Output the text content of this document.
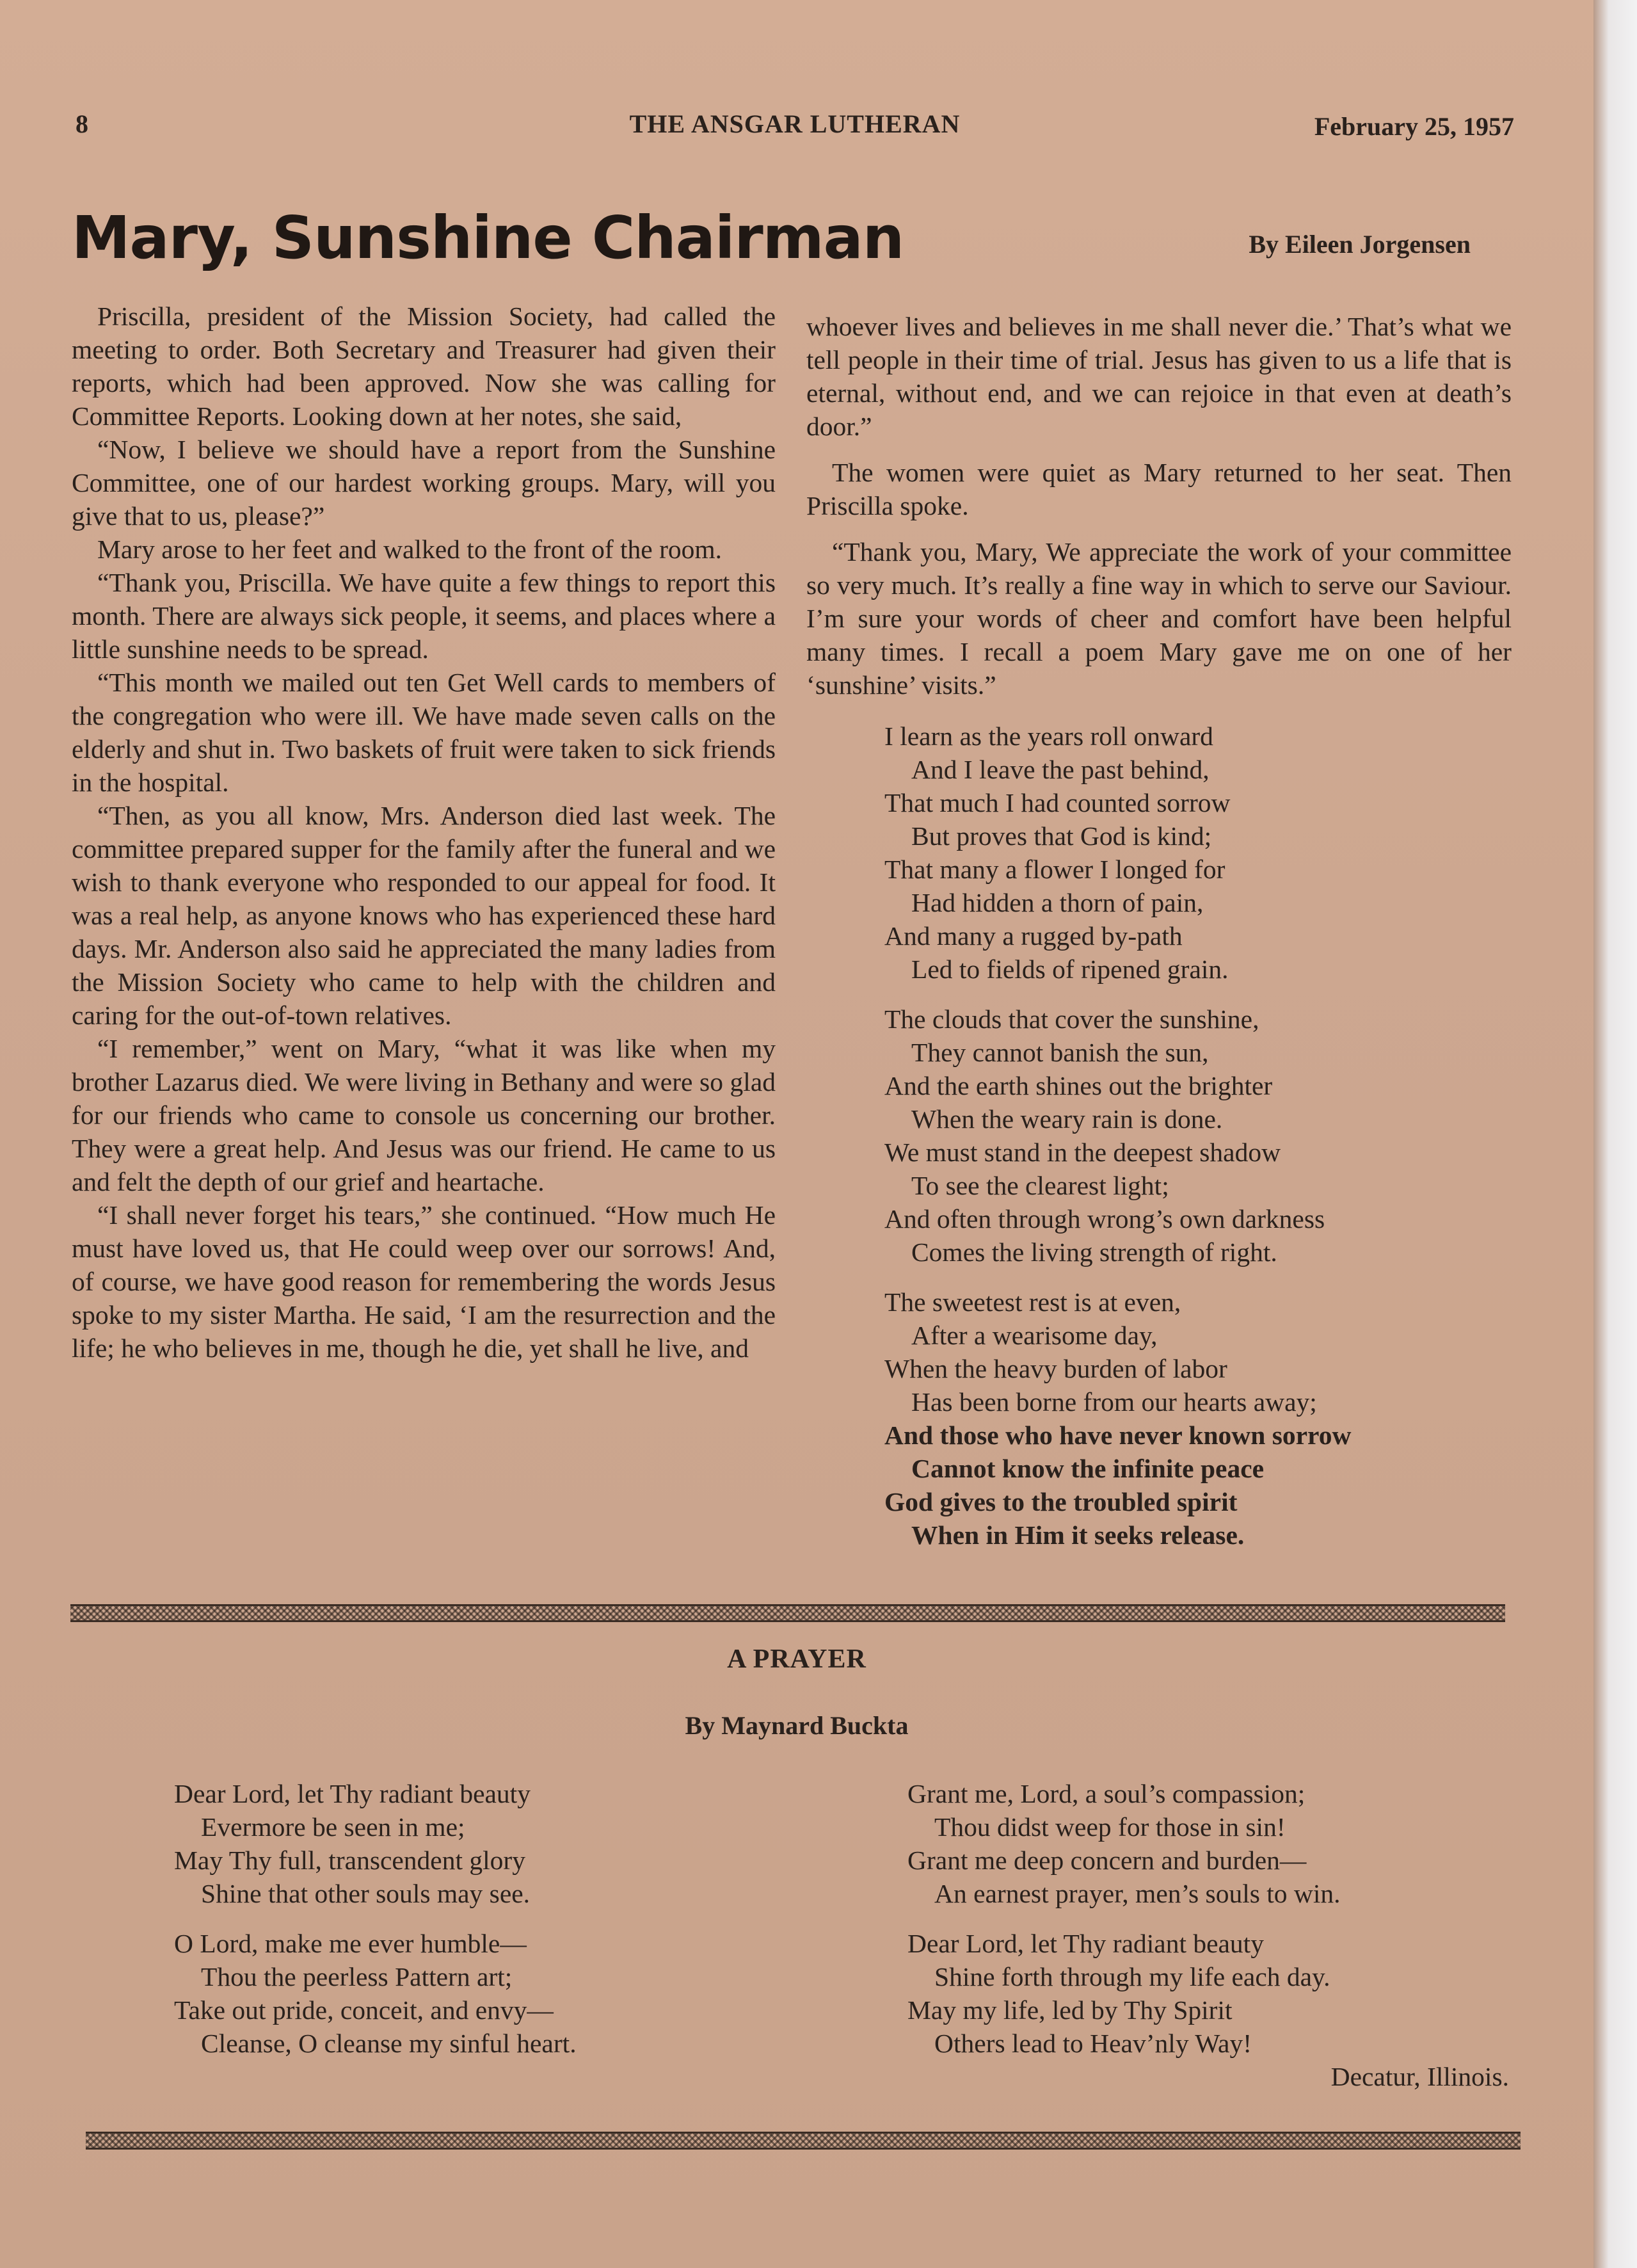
8	THE ANSGAR LUTHERAN	February 25, 1957
Mary, Sunshine Chairman	By Eileen Jorgensen

Priscilla, president of the Mission Society, had called the meeting to order. Both Secretary and Treasurer had given their reports, which had been approved. Now she was calling for Committee Reports. Looking down at her notes, she said,

“Now, I believe we should have a report from the Sunshine Committee, one of our hardest working groups. Mary, will you give that to us, please?”

Mary arose to her feet and walked to the front of the room.

“Thank you, Priscilla. We have quite a few things to report this month. There are always sick people, it seems, and places where a little sunshine needs to be spread.

“This month we mailed out ten Get Well cards to members of the congregation who were ill. We have made seven calls on the elderly and shut in. Two baskets of fruit were taken to sick friends in the hospital.

“Then, as you all know, Mrs. Anderson died last week. The committee prepared supper for the family after the funeral and we wish to thank everyone who responded to our appeal for food. It was a real help, as anyone knows who has experienced these hard days. Mr. Anderson also said he appreciated the many ladies from the Mission Society who came to help with the children and caring for the out-of-town relatives.

“I remember,” went on Mary, “what it was like when my brother Lazarus died. We were living in Bethany and were so glad for our friends who came to console us concerning our brother. They were a great help. And Jesus was our friend. He came to us and felt the depth of our grief and heartache.

“I shall never forget his tears,” she continued. “How much He must have loved us, that He could weep over our sorrows! And, of course, we have good reason for remembering the words Jesus spoke to my sister Martha. He said, ‘I am the resurrection and the life; he who believes in me, though he die, yet shall he live, and

whoever lives and believes in me shall never die.’ That’s what we tell people in their time of trial. Jesus has given to us a life that is eternal, without end, and we can rejoice in that even at death’s door.”

The women were quiet as Mary returned to her seat. Then Priscilla spoke.

“Thank you, Mary, We appreciate the work of your committee so very much. It’s really a fine way in which to serve our Saviour. I’m sure your words of cheer and comfort have been helpful many times. I recall a poem Mary gave me on one of her ‘sunshine’ visits.”

I learn as the years roll onward
And I leave the past behind,
That much I had counted sorrow
But proves that God is kind;
That many a flower I longed for
Had hidden a thorn of pain,
And many a rugged by-path
Led to fields of ripened grain.
The clouds that cover the sunshine,
They cannot banish the sun,
And the earth shines out the brighter
When the weary rain is done.
We must stand in the deepest shadow
To see the clearest light;
And often through wrong’s own darkness
Comes the living strength of right.
The sweetest rest is at even,
After a wearisome day,
When the heavy burden of labor
Has been borne from our hearts away;
And those who have never known sorrow
Cannot know the infinite peace
God gives to the troubled spirit
When in Him it seeks release.
A PRAYER
By Maynard Buckta
Dear Lord, let Thy radiant beauty
Evermore be seen in me;
May Thy full, transcendent glory
Shine that other souls may see.
O Lord, make me ever humble—
Thou the peerless Pattern art;
Take out pride, conceit, and envy—
Cleanse, O cleanse my sinful heart.
Grant me, Lord, a soul’s compassion;
Thou didst weep for those in sin!
Grant me deep concern and burden—
An earnest prayer, men’s souls to win.
Dear Lord, let Thy radiant beauty
Shine forth through my life each day.
May my life, led by Thy Spirit
Others lead to Heav’nly Way!
Decatur, Illinois.
